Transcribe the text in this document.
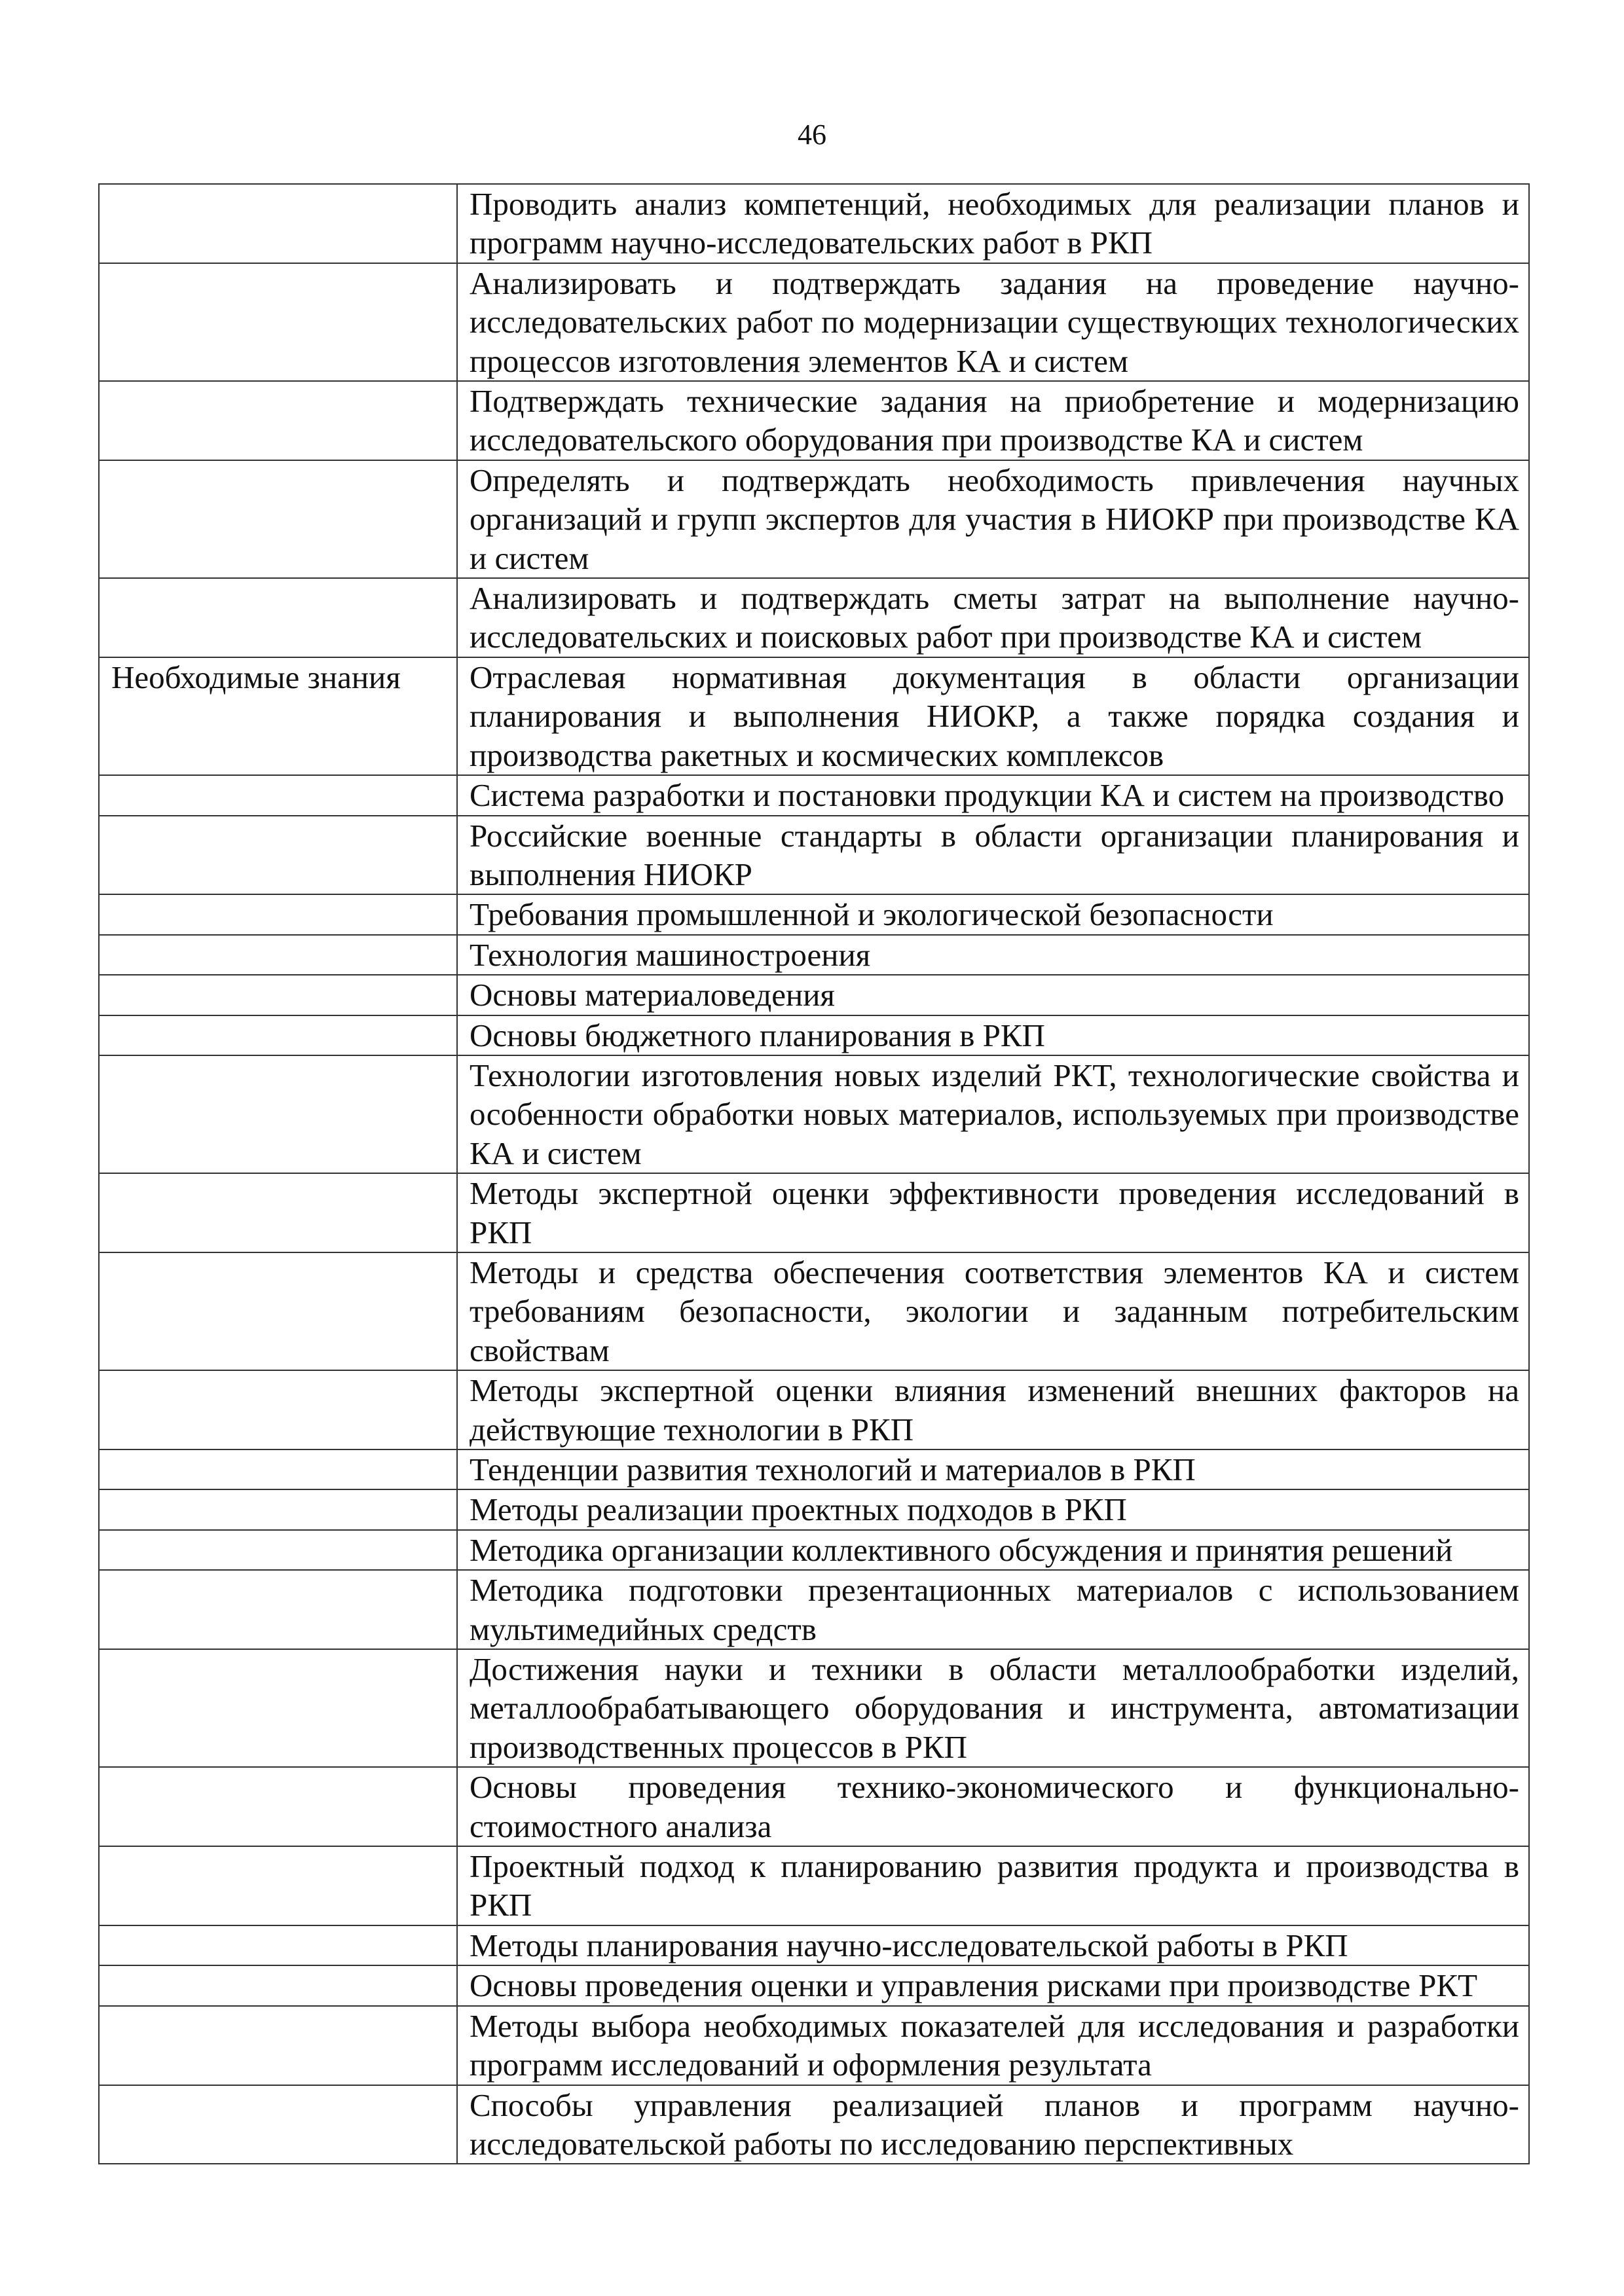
46
	Проводить анализ компетенций, необходимых для реализации планов и программ научно-исследовательских работ в РКП
	Анализировать и подтверждать задания на проведение научно-исследовательских работ по модернизации существующих технологических процессов изготовления элементов КА и систем
	Подтверждать технические задания на приобретение и модернизацию исследовательского оборудования при производстве КА и систем
	Определять и подтверждать необходимость привлечения научных организаций и групп экспертов для участия в НИОКР при производстве КА и систем
	Анализировать и подтверждать сметы затрат на выполнение научно-исследовательских и поисковых работ при производстве КА и систем
Необходимые знания	Отраслевая нормативная документация в области организации планирования и выполнения НИОКР, а также порядка создания и производства ракетных и космических комплексов
	Система разработки и постановки продукции КА и систем на производство
	Российские военные стандарты в области организации планирования и выполнения НИОКР
	Требования промышленной и экологической безопасности
	Технология машиностроения
	Основы материаловедения
	Основы бюджетного планирования в РКП
	Технологии изготовления новых изделий РКТ, технологические свойства и особенности обработки новых материалов, используемых при производстве КА и систем
	Методы экспертной оценки эффективности проведения исследований в РКП
	Методы и средства обеспечения соответствия элементов КА и систем требованиям безопасности, экологии и заданным потребительским свойствам
	Методы экспертной оценки влияния изменений внешних факторов на действующие технологии в РКП
	Тенденции развития технологий и материалов в РКП
	Методы реализации проектных подходов в РКП
	Методика организации коллективного обсуждения и принятия решений
	Методика подготовки презентационных материалов с использованием мультимедийных средств
	Достижения науки и техники в области металлообработки изделий, металлообрабатывающего оборудования и инструмента, автоматизации производственных процессов в РКП
	Основы проведения технико-экономического и функционально-стоимостного анализа
	Проектный подход к планированию развития продукта и производства в РКП
	Методы планирования научно-исследовательской работы в РКП
	Основы проведения оценки и управления рисками при производстве РКТ
	Методы выбора необходимых показателей для исследования и разработки программ исследований и оформления результата
	Способы управления реализацией планов и программ научно-исследовательской работы по исследованию перспективных
